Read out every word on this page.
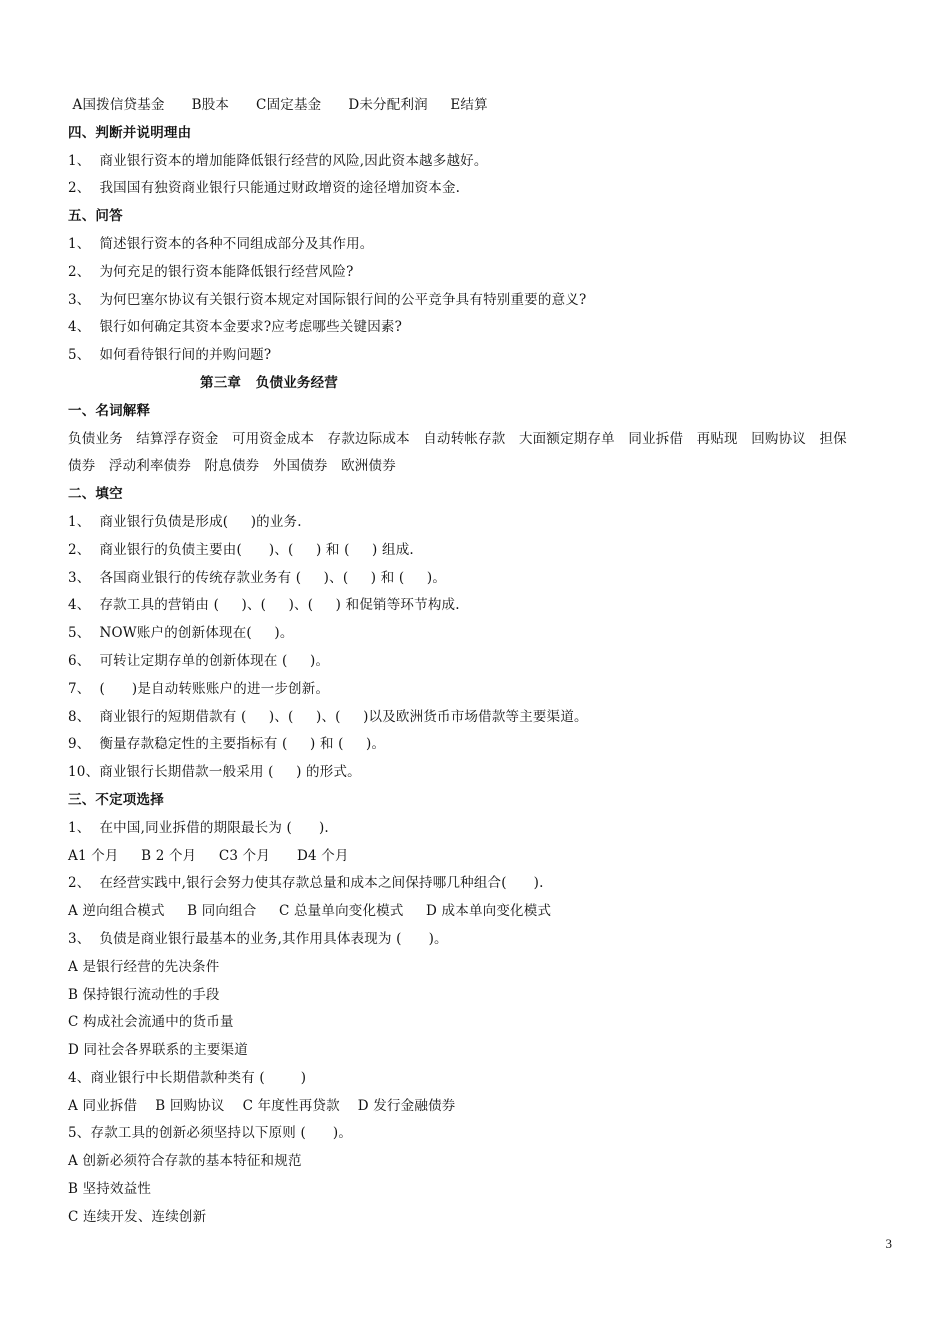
A国拨信贷基金      B股本      C固定基金      D未分配利润     E结算
四、判断并说明理由
1、  商业银行资本的增加能降低银行经营的风险,因此资本越多越好。
2、  我国国有独资商业银行只能通过财政增资的途径增加资本金.
五、问答
1、  简述银行资本的各种不同组成部分及其作用。
2、  为何充足的银行资本能降低银行经营风险?
3、  为何巴塞尔协议有关银行资本规定对国际银行间的公平竞争具有特别重要的意义?
4、  银行如何确定其资本金要求?应考虑哪些关键因素?
5、  如何看待银行间的并购问题?
第三章   负债业务经营
一、名词解释
负债业务   结算浮存资金   可用资金成本   存款边际成本   自动转帐存款   大面额定期存单   同业拆借   再贴现   回购协议   担保
债券   浮动利率债券   附息债券   外国债券   欧洲债券
二、填空
1、  商业银行负债是形成(     )的业务.
2、  商业银行的负债主要由(      )、(     ) 和 (     ) 组成.
3、  各国商业银行的传统存款业务有 (     )、(     ) 和 (     )。
4、  存款工具的营销由 (     )、(     )、(     ) 和促销等环节构成.
5、  NOW账户的创新体现在(     )。
6、  可转让定期存单的创新体现在 (     )。
7、  (      )是自动转账账户的进一步创新。
8、  商业银行的短期借款有 (     )、(     )、(     )以及欧洲货币市场借款等主要渠道。
9、  衡量存款稳定性的主要指标有 (     ) 和 (     )。
10、商业银行长期借款一般采用 (     ) 的形式。
三、不定项选择
1、  在中国,同业拆借的期限最长为 (      ).
A1 个月     B 2 个月     C3 个月      D4 个月
2、  在经营实践中,银行会努力使其存款总量和成本之间保持哪几种组合(      ).
A 逆向组合模式     B 同向组合     C 总量单向变化模式     D 成本单向变化模式
3、  负债是商业银行最基本的业务,其作用具体表现为 (      )。
A 是银行经营的先决条件
B 保持银行流动性的手段
C 构成社会流通中的货币量
D 同社会各界联系的主要渠道
4、商业银行中长期借款种类有 (        )
A 同业拆借    B 回购协议    C 年度性再贷款    D 发行金融债券
5、存款工具的创新必须坚持以下原则 (      )。
A 创新必须符合存款的基本特征和规范
B 坚持效益性
C 连续开发、连续创新
3
